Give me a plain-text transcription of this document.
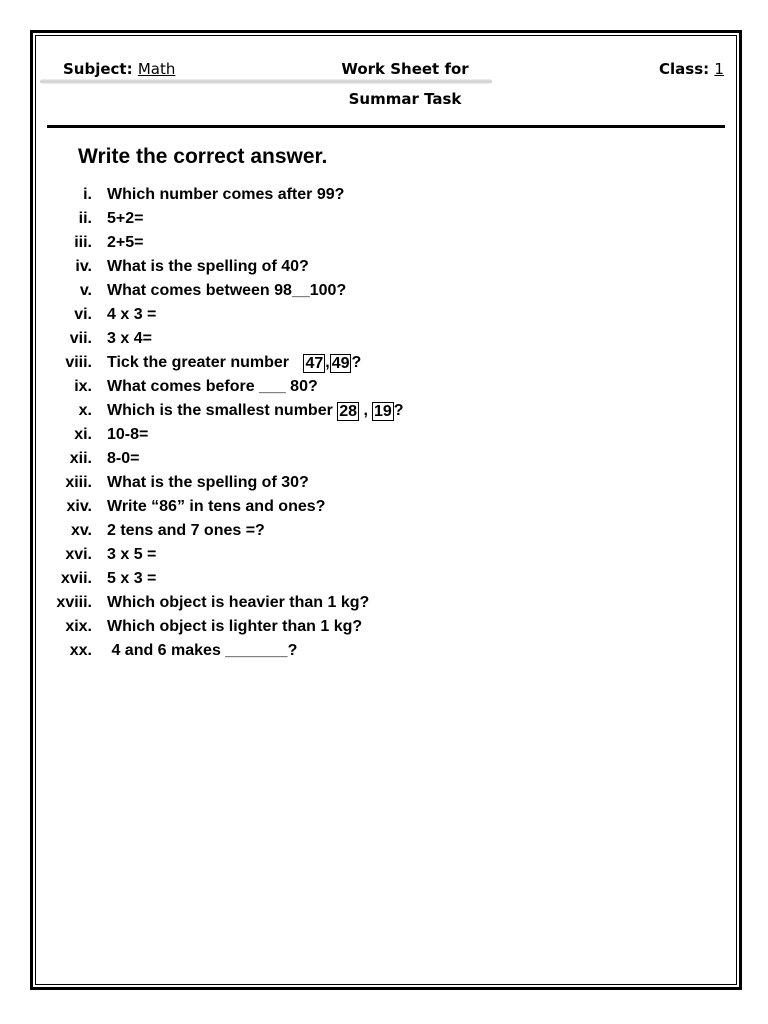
Subject: Math	Work Sheet for
Summar Task
Class: 1
Write the correct answer.
i. Which number comes after 99?
ii. 5+2=
iii. 2+5=
iv. What is the spelling of 40?
v. What comes between 98__100?
vi. 4 x 3 =
vii. 3 x 4=
viii. Tick the greater number 47 , 49 ?
ix. What comes before ___ 80?
x. Which is the smallest number 28 , 19 ?
xi. 10-8=
xii. 8-0=
xiii. What is the spelling of 30?
xiv. Write “86” in tens and ones?
xv. 2 tens and 7 ones =?
xvi. 3 x 5 =
xvii. 5 x 3 =
xviii. Which object is heavier than 1 kg?
xix. Which object is lighter than 1 kg?
xx. 4 and 6 makes _______?
